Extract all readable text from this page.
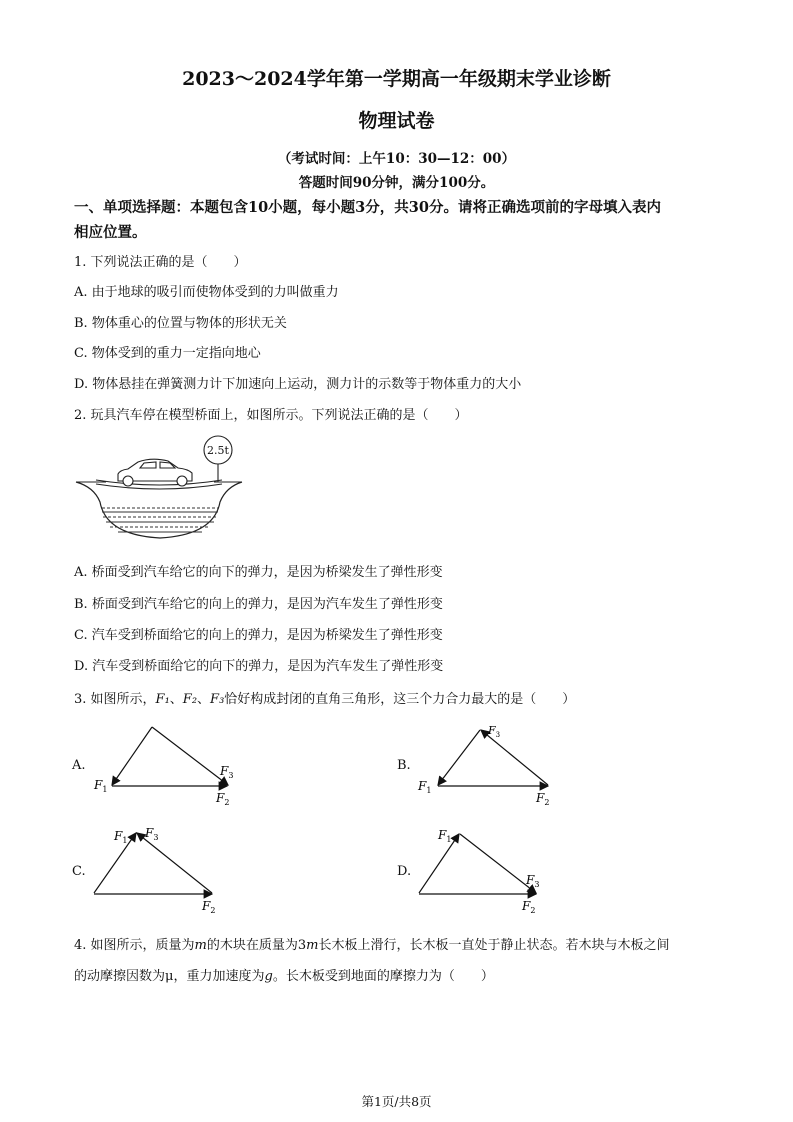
2023～2024学年第一学期高一年级期末学业诊断
物理试卷
（考试时间：上午10：30—12：00）
答题时间90分钟，满分100分。
一、单项选择题：本题包含10小题，每小题3分，共30分。请将正确选项前的字母填入表内
相应位置。
1. 下列说法正确的是（　　）
A. 由于地球的吸引而使物体受到的力叫做重力
B. 物体重心的位置与物体的形状无关
C. 物体受到的重力一定指向地心
D. 物体悬挂在弹簧测力计下加速向上运动，测力计的示数等于物体重力的大小
2. 玩具汽车停在模型桥面上，如图所示。下列说法正确的是（　　）
2.5t
A. 桥面受到汽车给它的向下的弹力，是因为桥梁发生了弹性形变
B. 桥面受到汽车给它的向上的弹力，是因为汽车发生了弹性形变
C. 汽车受到桥面给它的向上的弹力，是因为桥梁发生了弹性形变
D. 汽车受到桥面给它的向下的弹力，是因为汽车发生了弹性形变
3. 如图所示，F₁、F₂、F₃恰好构成封闭的直角三角形，这三个力合力最大的是（　　）
A.
$F_1$
$F_3$
$F_2$
B.
$F_3$
$F_1$
$F_2$
C.
$F_1$
$F_3$
$F_2$
D.
$F_1$
$F_3$
$F_2$
4. 如图所示，质量为m的木块在质量为3m长木板上滑行，长木板一直处于静止状态。若木块与木板之间
的动摩擦因数为μ，重力加速度为g。长木板受到地面的摩擦力为（　　）
第1页/共8页
